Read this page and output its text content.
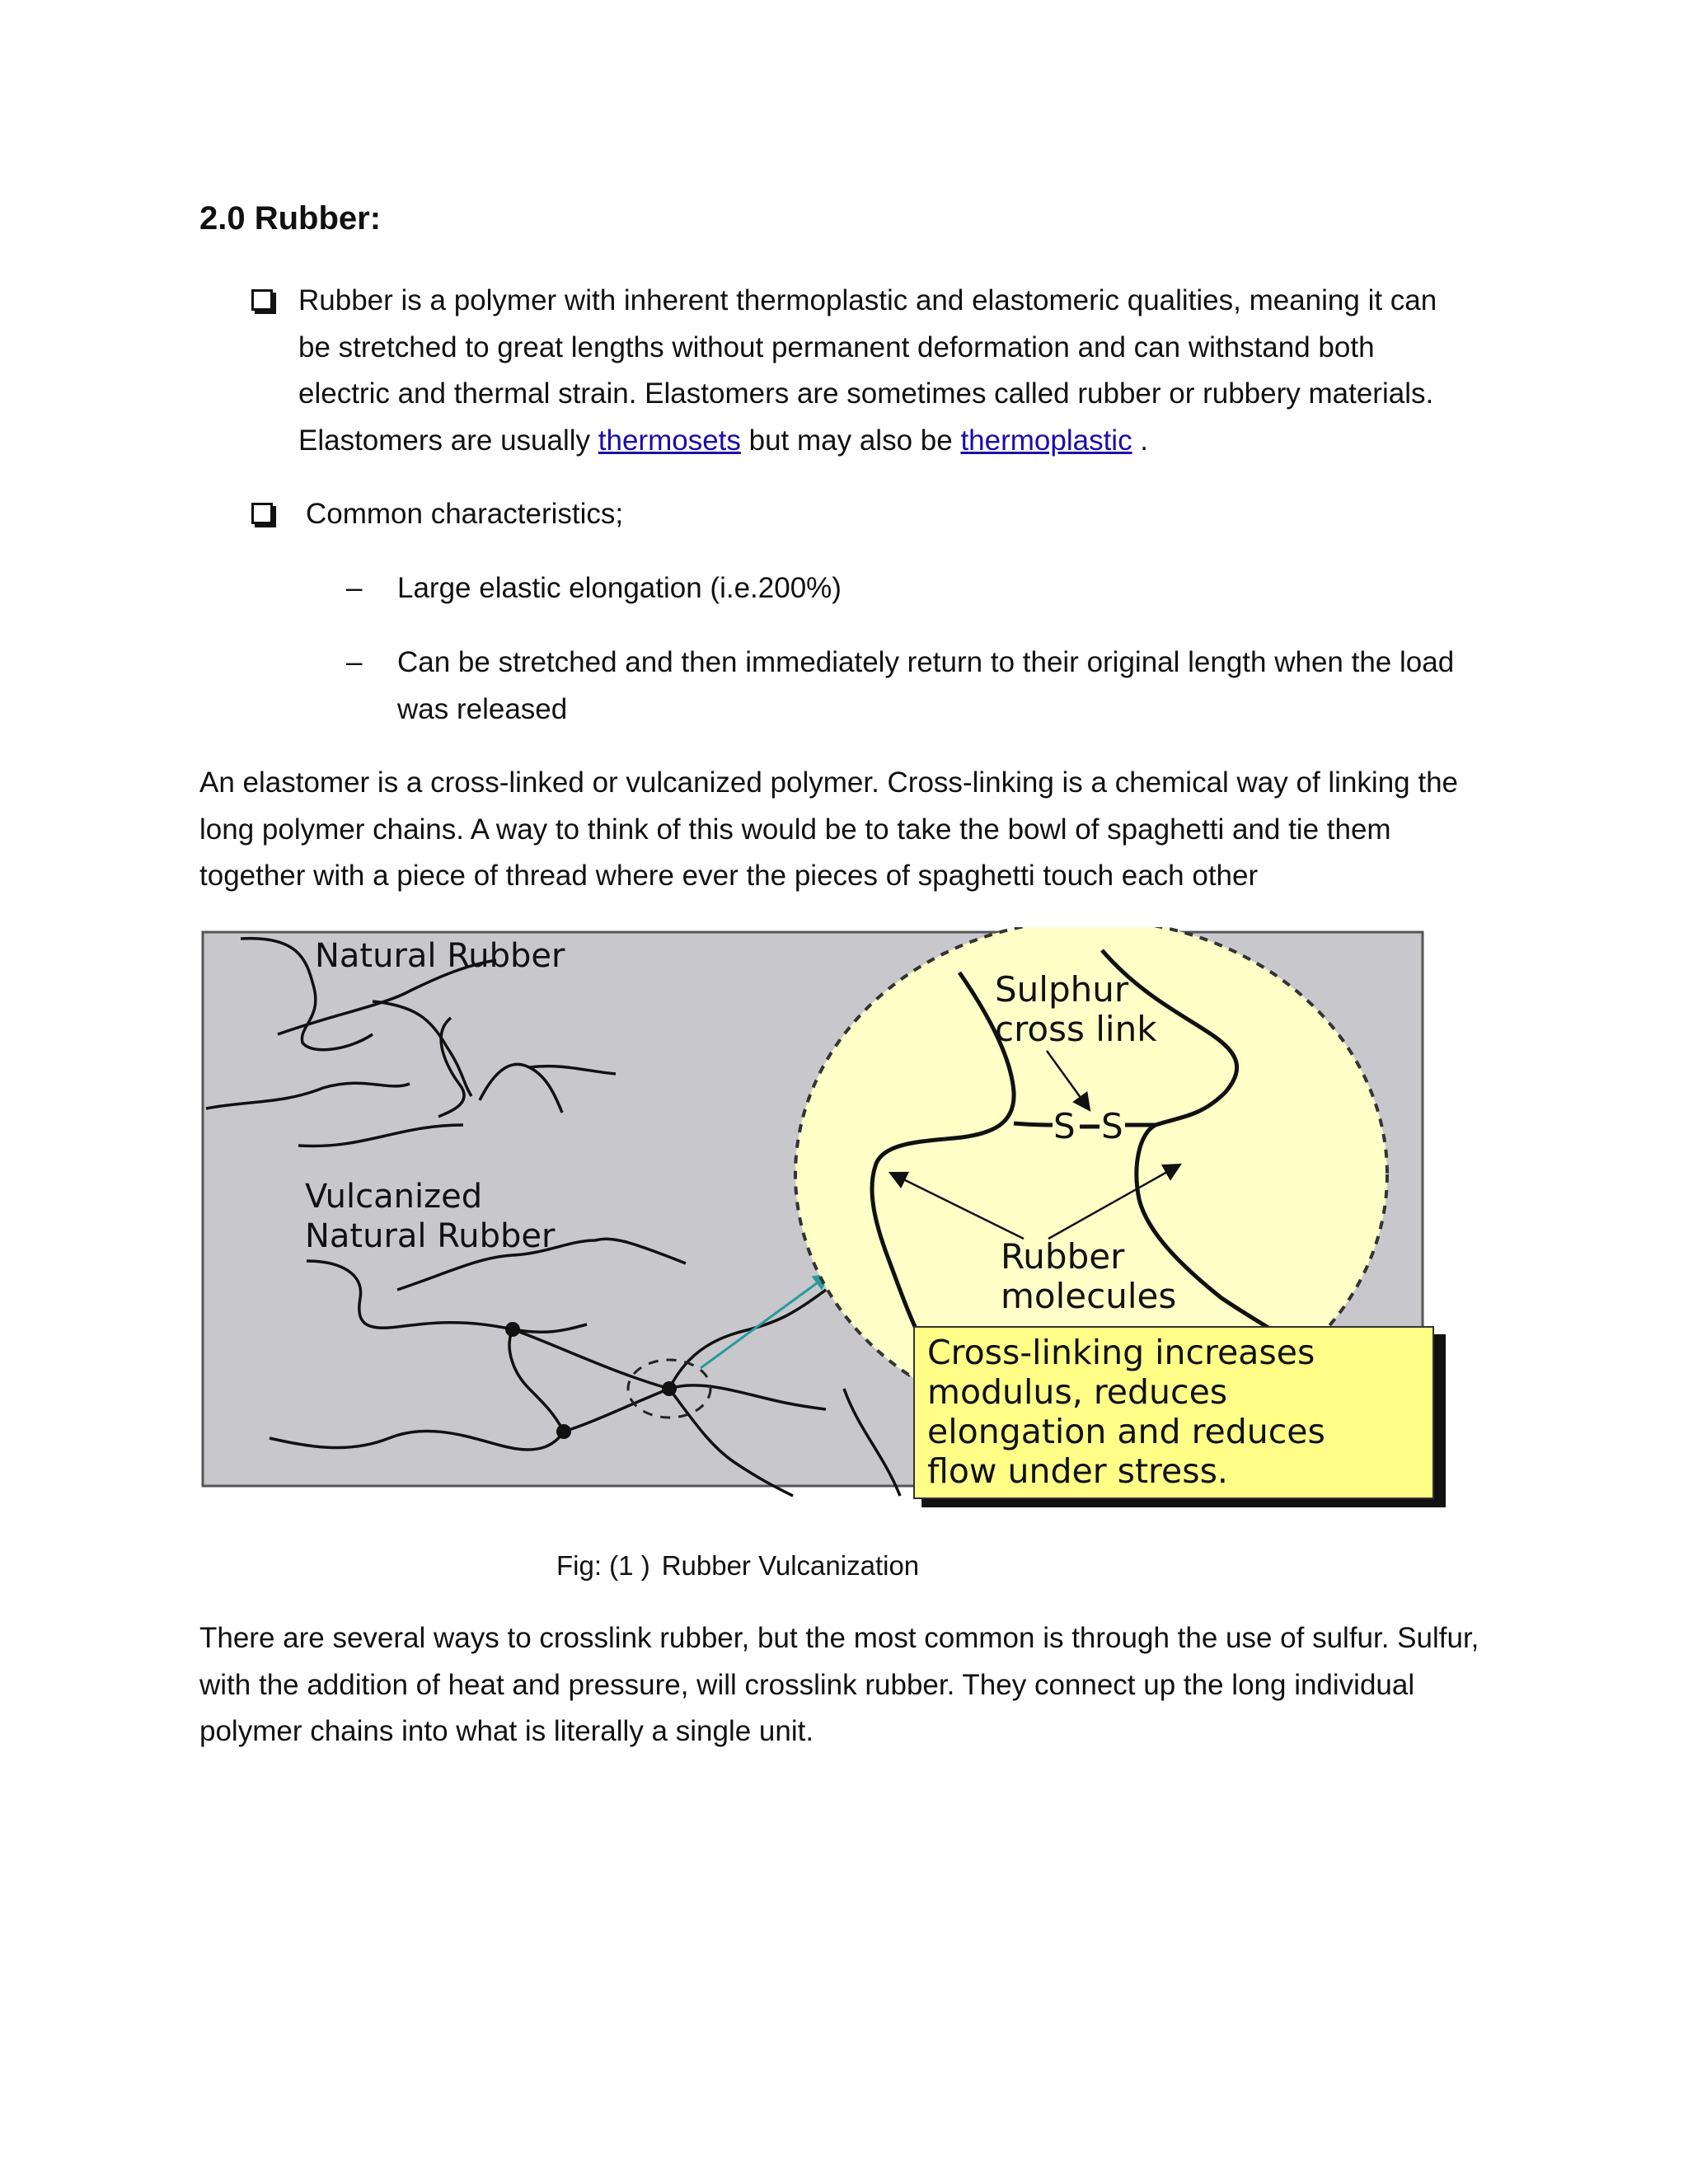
2.0 Rubber:
Rubber is a polymer with inherent thermoplastic and elastomeric qualities, meaning it can be stretched to great lengths without permanent deformation and can withstand both electric and thermal strain. Elastomers are sometimes called rubber or rubbery materials. Elastomers are usually thermosets but may also be thermoplastic .
Common characteristics;
– Large elastic elongation (i.e.200%)
– Can be stretched and then immediately return to their original length when the load was released
An elastomer is a cross-linked or vulcanized polymer. Cross-linking is a chemical way of linking the long polymer chains. A way to think of this would be to take the bowl of spaghetti and tie them together with a piece of thread where ever the pieces of spaghetti touch each other
Sulphur
cross link
S S
Rubber
molecules
Natural Rubber
Vulcanized
Natural Rubber
Cross-linking increases
modulus, reduces
elongation and reduces
flow under stress.
Fig: (1 ) Rubber Vulcanization
There are several ways to crosslink rubber, but the most common is through the use of sulfur. Sulfur, with the addition of heat and pressure, will crosslink rubber. They connect up the long individual polymer chains into what is literally a single unit.
